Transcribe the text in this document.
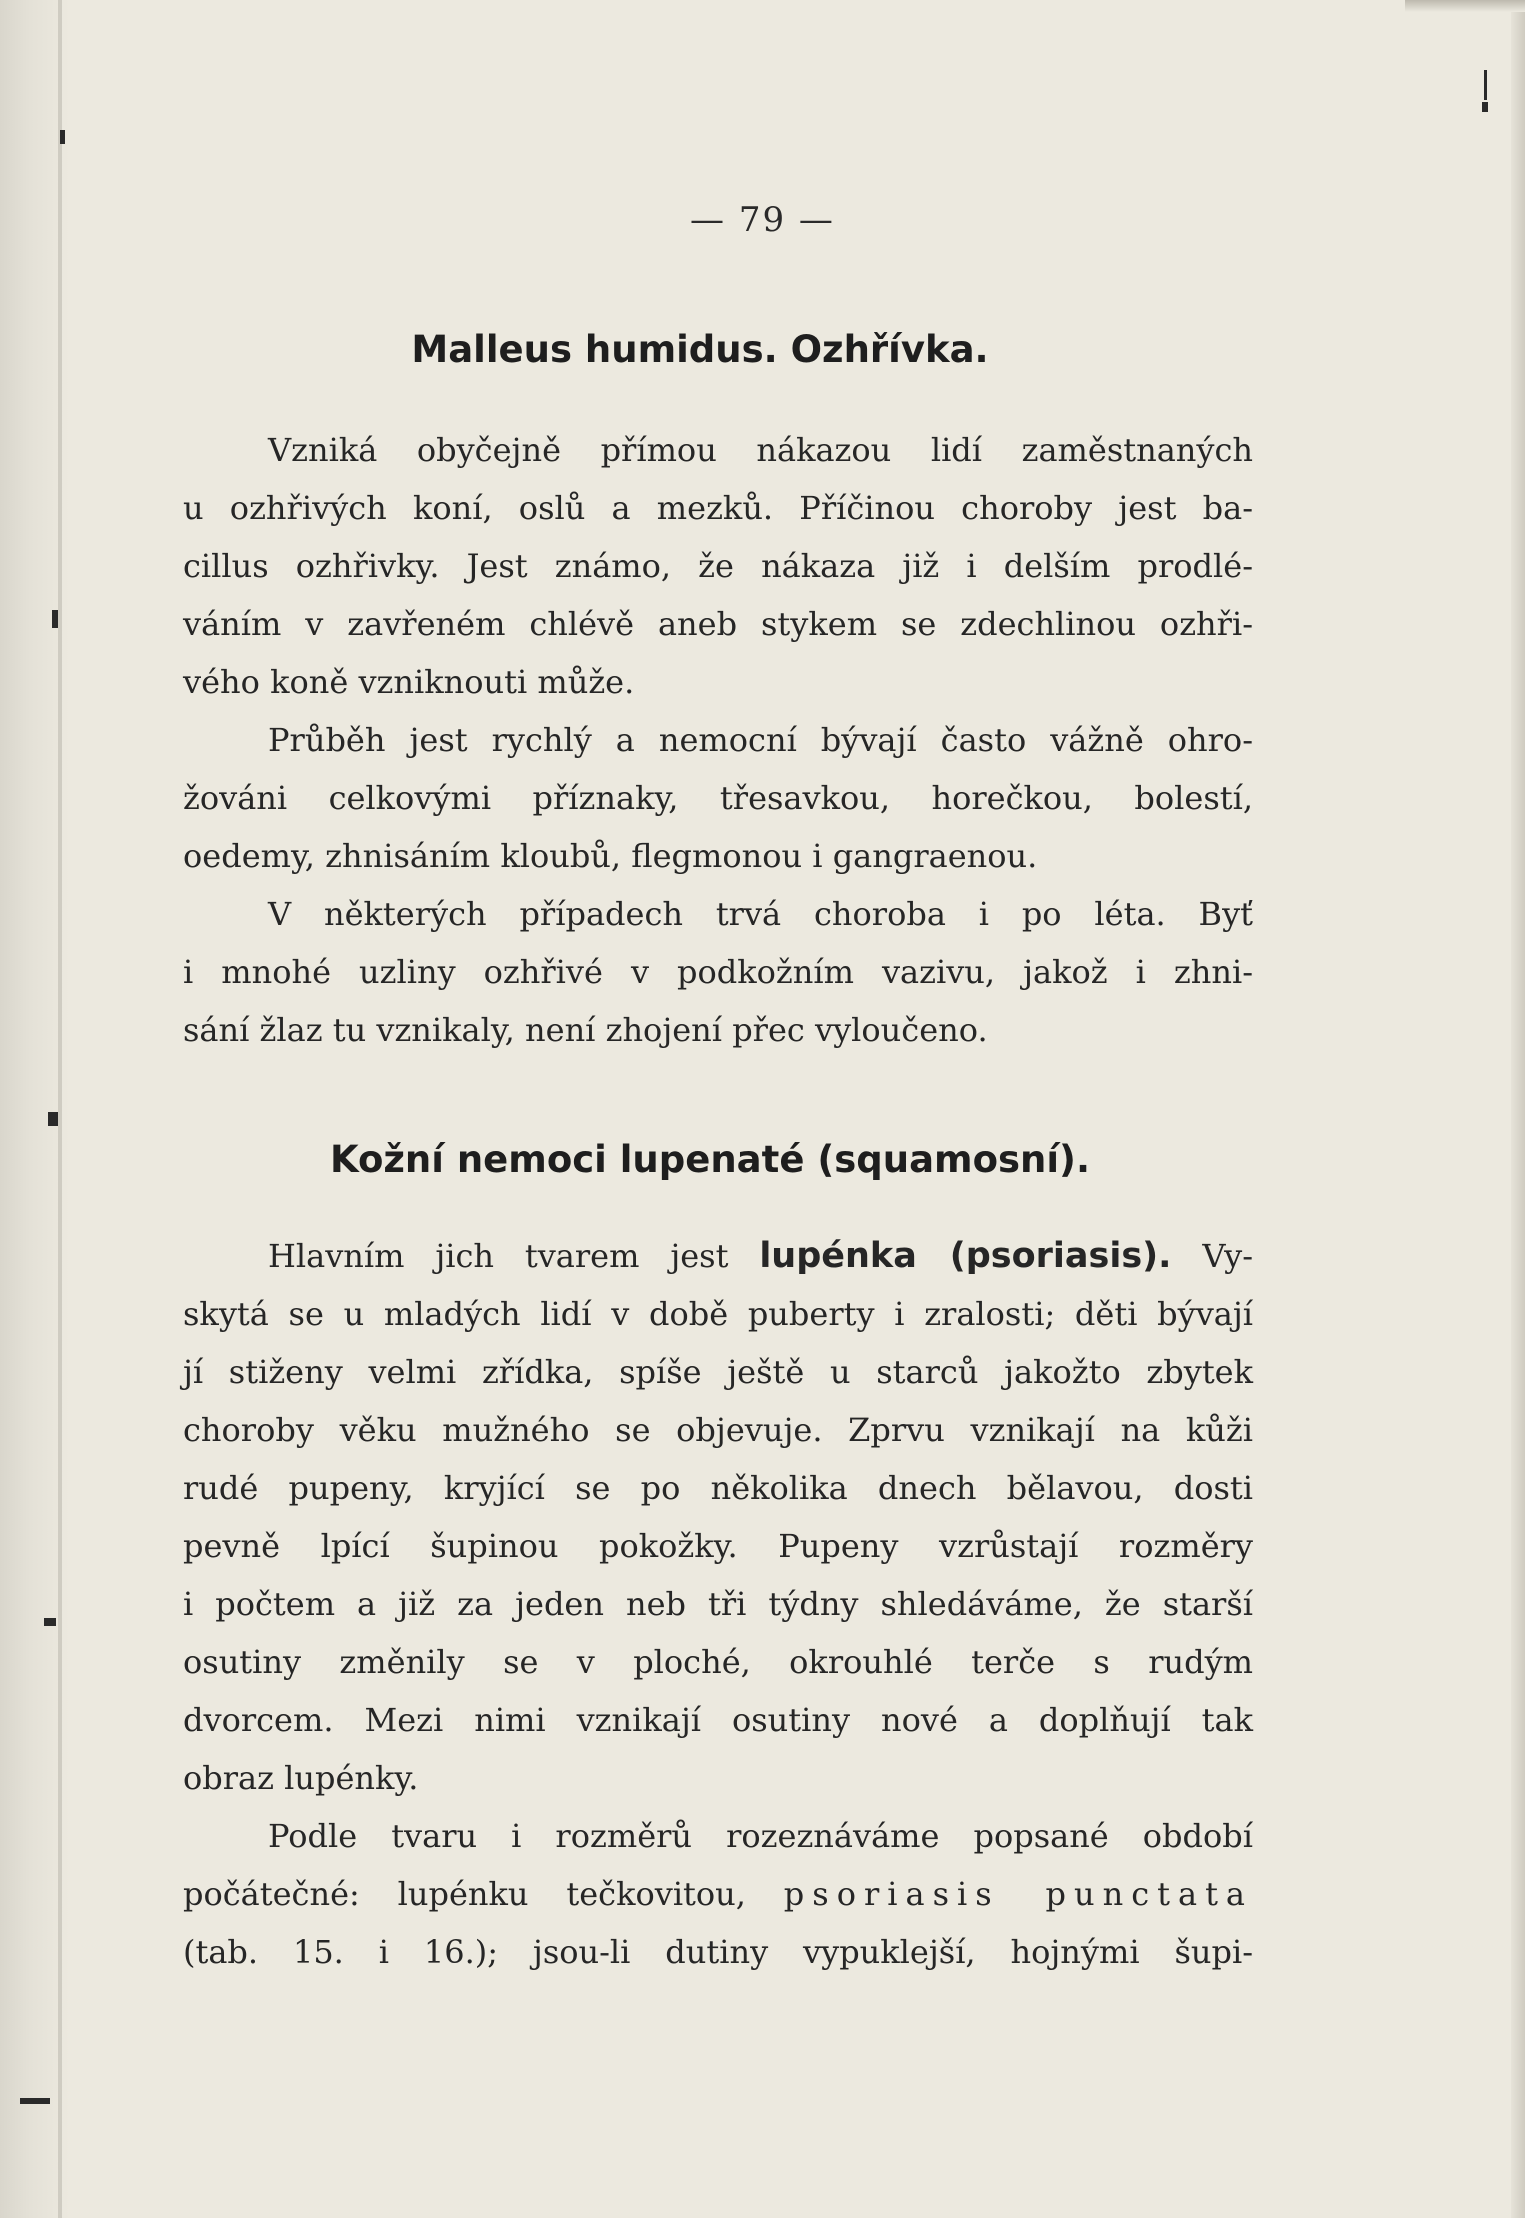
— 79 —
Malleus humidus. Ozhřívka.
Vzniká obyčejně přímou nákazou lidí zaměstnaných
u ozhřivých koní, oslů a mezků. Příčinou choroby jest ba-
cillus ozhřivky. Jest známo, že nákaza již i delším prodlé-
váním v zavřeném chlévě aneb stykem se zdechlinou ozhři-
vého koně vzniknouti může.
Průběh jest rychlý a nemocní bývají často vážně ohro-
žováni celkovými příznaky, třesavkou, horečkou, bolestí,
oedemy, zhnisáním kloubů, flegmonou i gangraenou.
V některých případech trvá choroba i po léta. Byť
i mnohé uzliny ozhřivé v podkožním vazivu, jakož i zhni-
sání žlaz tu vznikaly, není zhojení přec vyloučeno.
Kožní nemoci lupenaté (squamosní).
Hlavním jich tvarem jest lupénka (psoriasis). Vy-
skytá se u mladých lidí v době puberty i zralosti; děti bývají
jí stiženy velmi zřídka, spíše ještě u starců jakožto zbytek
choroby věku mužného se objevuje. Zprvu vznikají na kůži
rudé pupeny, kryjící se po několika dnech bělavou, dosti
pevně lpící šupinou pokožky. Pupeny vzrůstají rozměry
i počtem a již za jeden neb tři týdny shledáváme, že starší
osutiny změnily se v ploché, okrouhlé terče s rudým
dvorcem. Mezi nimi vznikají osutiny nové a doplňují tak
obraz lupénky.
Podle tvaru i rozměrů rozeznáváme popsané období
počátečné: lupénku tečkovitou, psoriasis punctata
(tab. 15. i 16.); jsou-li dutiny vypuklejší, hojnými šupi-
